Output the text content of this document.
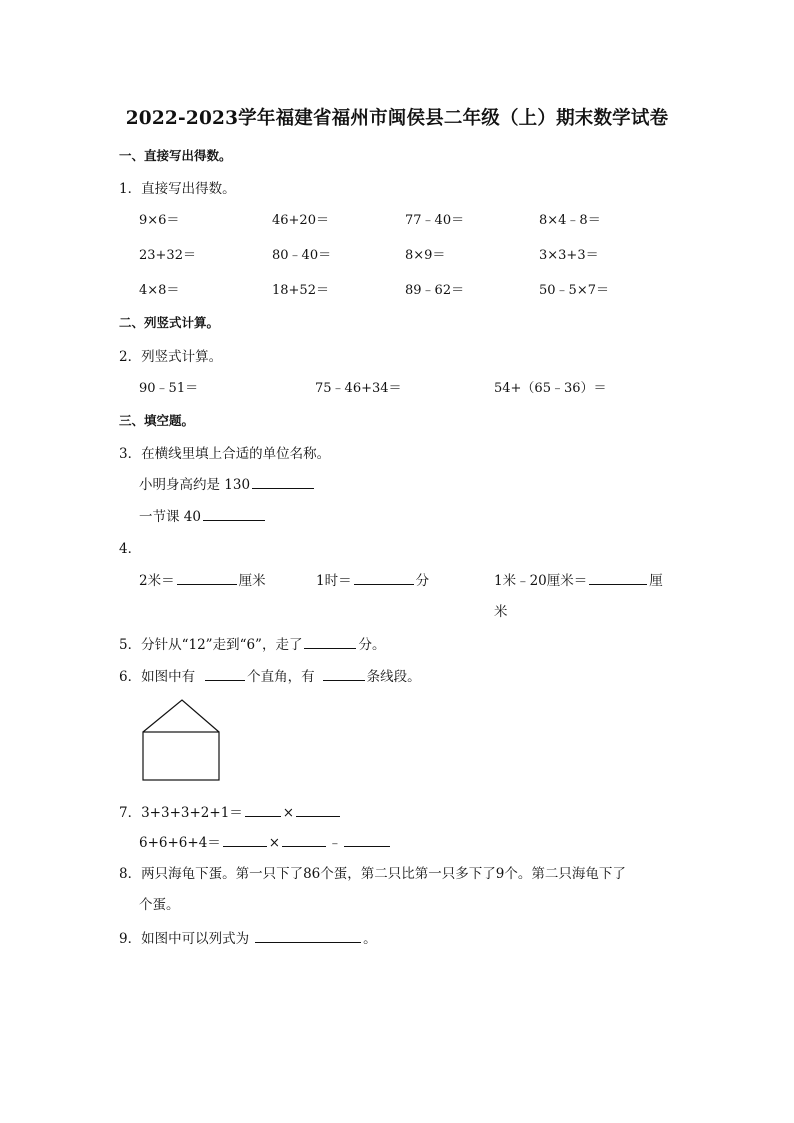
2022-2023学年福建省福州市闽侯县二年级（上）期末数学试卷
一、直接写出得数。
1．直接写出得数。
9×6＝	46+20＝	77﹣40＝	8×4﹣8＝
23+32＝	80﹣40＝	8×9＝	3×3+3＝
4×8＝	18+52＝	89﹣62＝	50﹣5×7＝
二、列竖式计算。
2．列竖式计算。
90﹣51＝	75﹣46+34＝	54+（65﹣36）＝
三、填空题。
3．在横线里填上合适的单位名称。
小明身高约是 130
一节课 40
4．
2米＝	厘米	1时＝	分	1米﹣20厘米＝	厘
米
5．分针从“12”走到“6”，走了	分。
6．如图中有	个直角，有	条线段。
7．3+3+3+2+1＝	×
6+6+6+4＝	×	﹣
8．两只海龟下蛋。第一只下了86个蛋，第二只比第一只多下了9个。第二只海龟下了
个蛋。
9．如图中可以列式为	。
